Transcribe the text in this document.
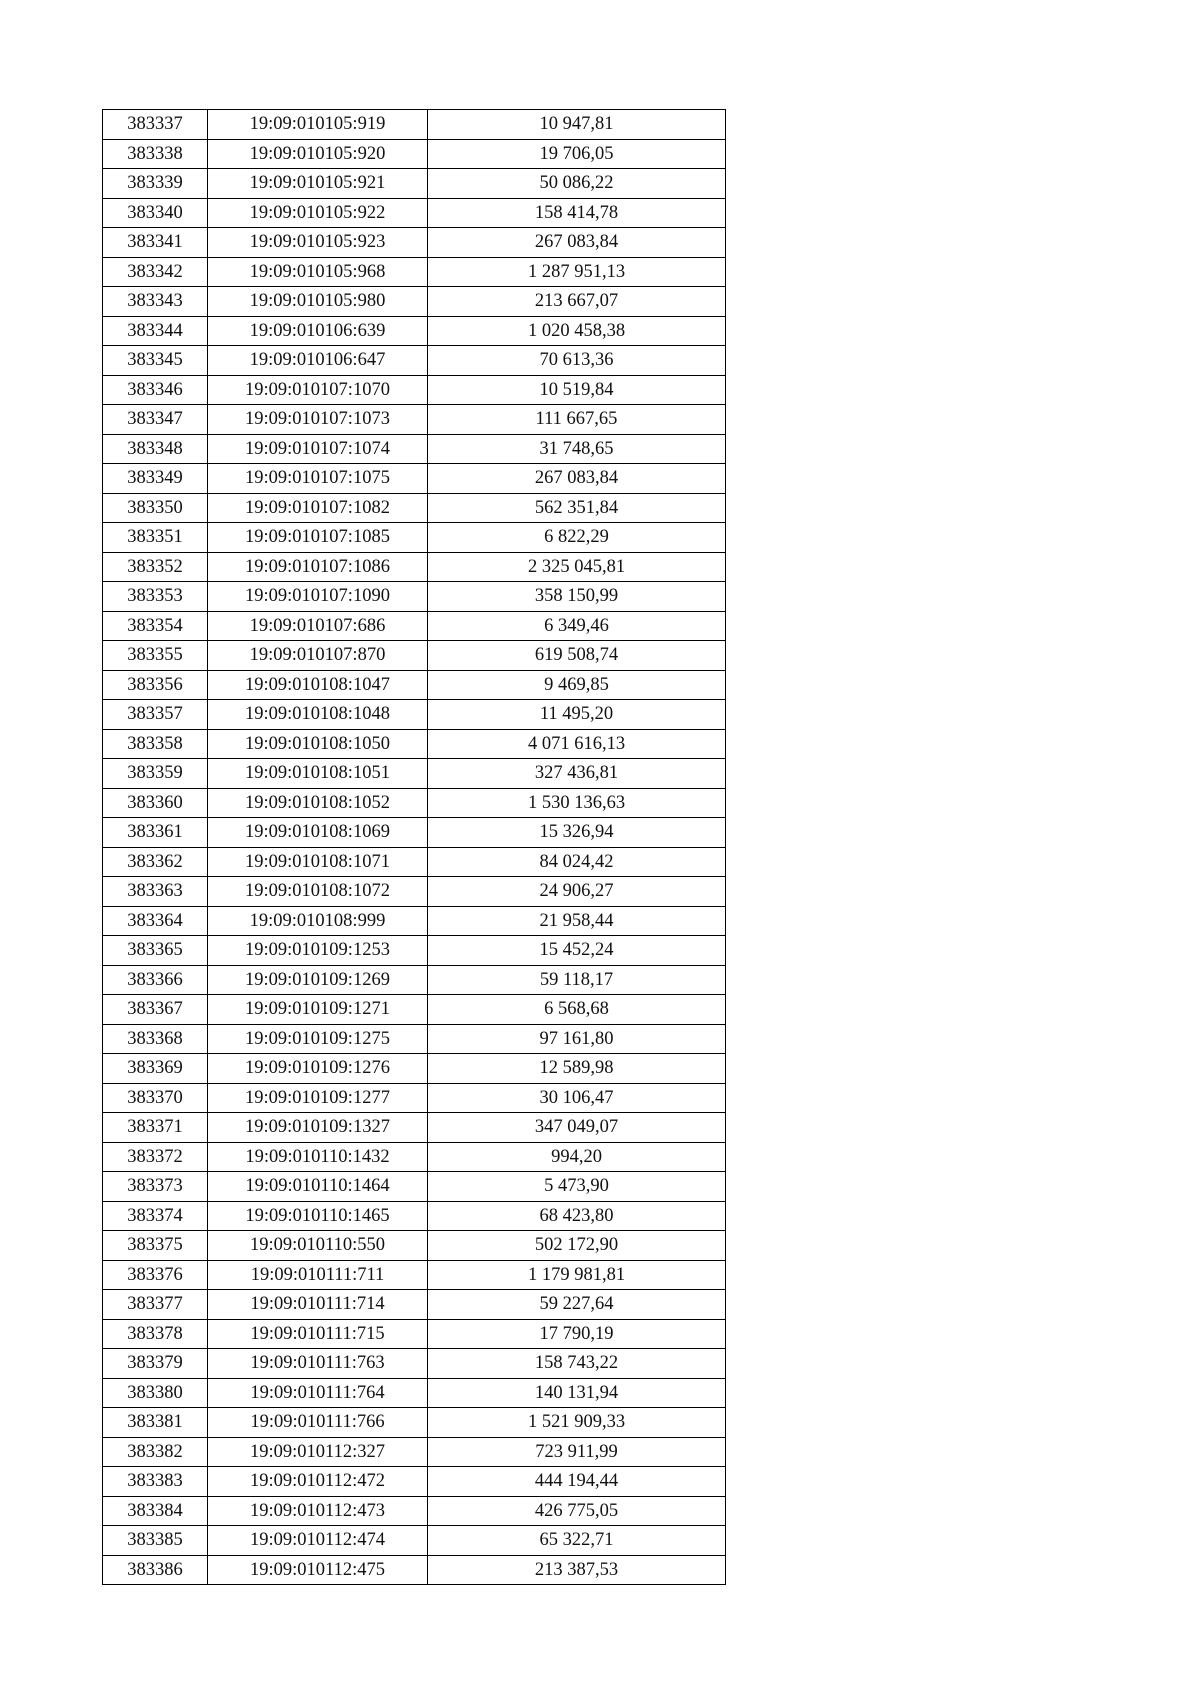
383337	19:09:010105:919	10 947,81
383338	19:09:010105:920	19 706,05
383339	19:09:010105:921	50 086,22
383340	19:09:010105:922	158 414,78
383341	19:09:010105:923	267 083,84
383342	19:09:010105:968	1 287 951,13
383343	19:09:010105:980	213 667,07
383344	19:09:010106:639	1 020 458,38
383345	19:09:010106:647	70 613,36
383346	19:09:010107:1070	10 519,84
383347	19:09:010107:1073	111 667,65
383348	19:09:010107:1074	31 748,65
383349	19:09:010107:1075	267 083,84
383350	19:09:010107:1082	562 351,84
383351	19:09:010107:1085	6 822,29
383352	19:09:010107:1086	2 325 045,81
383353	19:09:010107:1090	358 150,99
383354	19:09:010107:686	6 349,46
383355	19:09:010107:870	619 508,74
383356	19:09:010108:1047	9 469,85
383357	19:09:010108:1048	11 495,20
383358	19:09:010108:1050	4 071 616,13
383359	19:09:010108:1051	327 436,81
383360	19:09:010108:1052	1 530 136,63
383361	19:09:010108:1069	15 326,94
383362	19:09:010108:1071	84 024,42
383363	19:09:010108:1072	24 906,27
383364	19:09:010108:999	21 958,44
383365	19:09:010109:1253	15 452,24
383366	19:09:010109:1269	59 118,17
383367	19:09:010109:1271	6 568,68
383368	19:09:010109:1275	97 161,80
383369	19:09:010109:1276	12 589,98
383370	19:09:010109:1277	30 106,47
383371	19:09:010109:1327	347 049,07
383372	19:09:010110:1432	994,20
383373	19:09:010110:1464	5 473,90
383374	19:09:010110:1465	68 423,80
383375	19:09:010110:550	502 172,90
383376	19:09:010111:711	1 179 981,81
383377	19:09:010111:714	59 227,64
383378	19:09:010111:715	17 790,19
383379	19:09:010111:763	158 743,22
383380	19:09:010111:764	140 131,94
383381	19:09:010111:766	1 521 909,33
383382	19:09:010112:327	723 911,99
383383	19:09:010112:472	444 194,44
383384	19:09:010112:473	426 775,05
383385	19:09:010112:474	65 322,71
383386	19:09:010112:475	213 387,53
